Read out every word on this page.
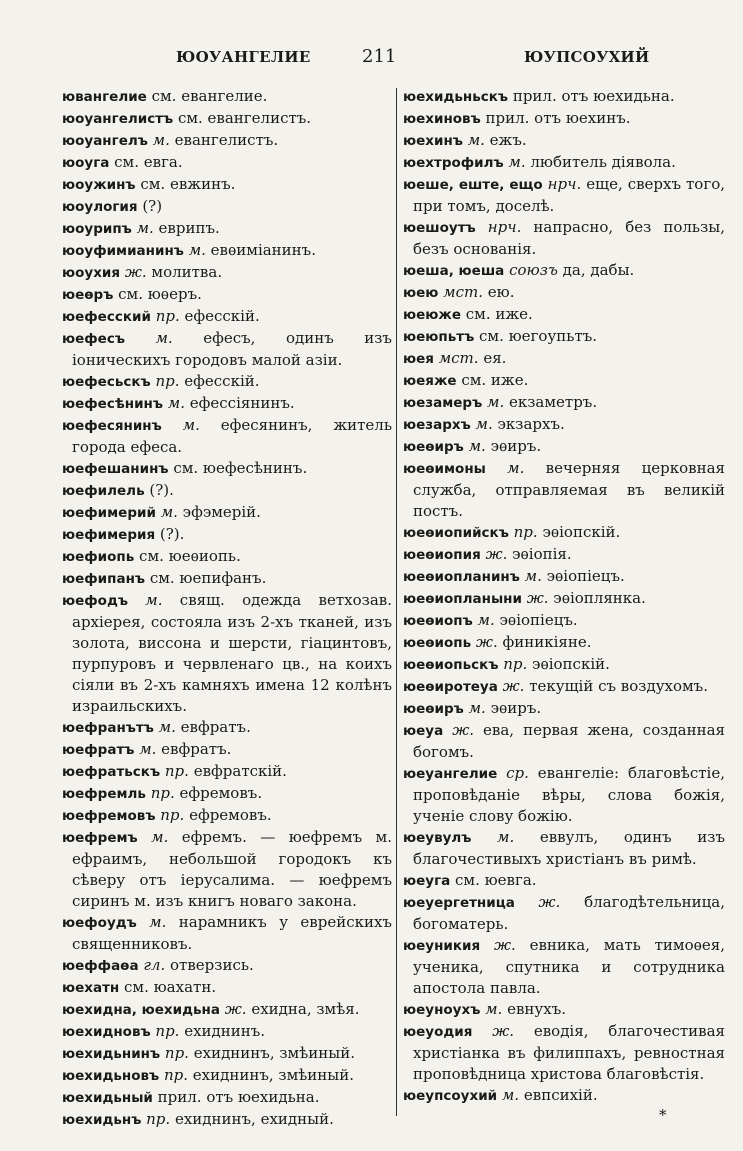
ЮОУАНГЕЛИЕ	211	ЮУПСОУХИЙ

ювангелие см. евангелие.

юоуангелистъ см. евангелистъ.

юоуангелъ м. евангелистъ.

юоуга см. евга.

юоужинъ см. евжинъ.

юоулогия (?)

юоурипъ м. еврипъ.

юоуфимианинъ м. евѳиміанинъ.

юоухия ж. молитва.

юеѳръ см. юѳеръ.

юефесский пр. ефесскій.

юефесъ м. ефесъ, одинъ изъ іоническихъ городовъ малой азіи.

юефесьскъ пр. ефесскій.

юефесѣнинъ м. ефессіянинъ.

юефесянинъ м. ефесянинъ, житель города ефеса.

юефешанинъ см. юефесѣнинъ.

юефилель (?).

юефимерий м. эфэмерій.

юефимерия (?).

юефиопь см. юеѳиопь.

юефипанъ см. юепифанъ.

юефодъ м. свящ. одежда ветхозав. архіерея, состояла изъ 2-хъ тканей, изъ золота, виссона и шерсти, гіацинтовъ, пурпуровъ и червленаго цв., на коихъ сіяли въ 2-хъ камняхъ имена 12 колѣнъ израильскихъ.

юефранътъ м. евфратъ.

юефратъ м. евфратъ.

юефратьскъ пр. евфратскій.

юефремль пр. ефремовъ.

юефремовъ пр. ефремовъ.

юефремъ м. ефремъ. — юефремъ м. ефраимъ, небольшой городокъ къ сѣверу отъ іерусалима. — юефремъ сиринъ м. изъ книгъ новаго закона.

юефоудъ м. нарамникъ у еврейскихъ священниковъ.

юеффаѳа гл. отверзись.

юехатн см. юахатн.

юехидна, юехидьна ж. ехидна, змѣя.

юехидновъ пр. ехиднинъ.

юехидьнинъ пр. ехиднинъ, змѣиный.

юехидьновъ пр. ехиднинъ, змѣиный.

юехидьный прил. отъ юехидьна.

юехидьнъ пр. ехиднинъ, ехидный.

юехидьньскъ прил. отъ юехидьна.

юехиновъ прил. отъ юехинъ.

юехинъ м. ежъ.

юехтрофилъ м. любитель діявола.

юеше, еште, ещо нрч. еще, сверхъ того, при томъ, доселѣ.

юешоутъ нрч. напрасно, без пользы, безъ основанія.

юеша, юеша союзъ да, дабы.

юею мст. ею.

юеюже см. иже.

юеюпьтъ см. юегоупьтъ.

юея мст. ея.

юеяже см. иже.

юезамеръ м. екзаметръ.

юезархъ м. экзархъ.

юеѳиръ м. эѳиръ.

юеѳимоны м. вечерняя церковная служба, отправляемая въ великій постъ.

юеѳиопийскъ пр. эѳіопскій.

юеѳиопия ж. эѳіопія.

юеѳиопланинъ м. эѳіопіецъ.

юеѳиопланыни ж. эѳіоплянка.

юеѳиопъ м. эѳіопіецъ.

юеѳиопь ж. финикіяне.

юеѳиопьскъ пр. эѳіопскій.

юеѳиротеуа ж. текущій съ воздухомъ.

юеѳиръ м. эѳиръ.

юеуа ж. ева, первая жена, созданная богомъ.

юеуангелие ср. евангеліе: благовѣстіе, проповѣданіе вѣры, слова божія, ученіе слову божію.

юеувулъ м. еввулъ, одинъ изъ благочестивыхъ христіанъ въ римѣ.

юеуга см. юевга.

юеуергетница ж. благодѣтельница, богоматерь.

юеуникия ж. евника, мать тимоѳея, ученика, спутника и сотрудника апостола павла.

юеуноухъ м. евнухъ.

юеуодия ж. еводія, благочестивая христіанка въ филиппахъ, ревностная проповѣдница христова благовѣстія.

юеупсоухий м. евпсихій.

*
